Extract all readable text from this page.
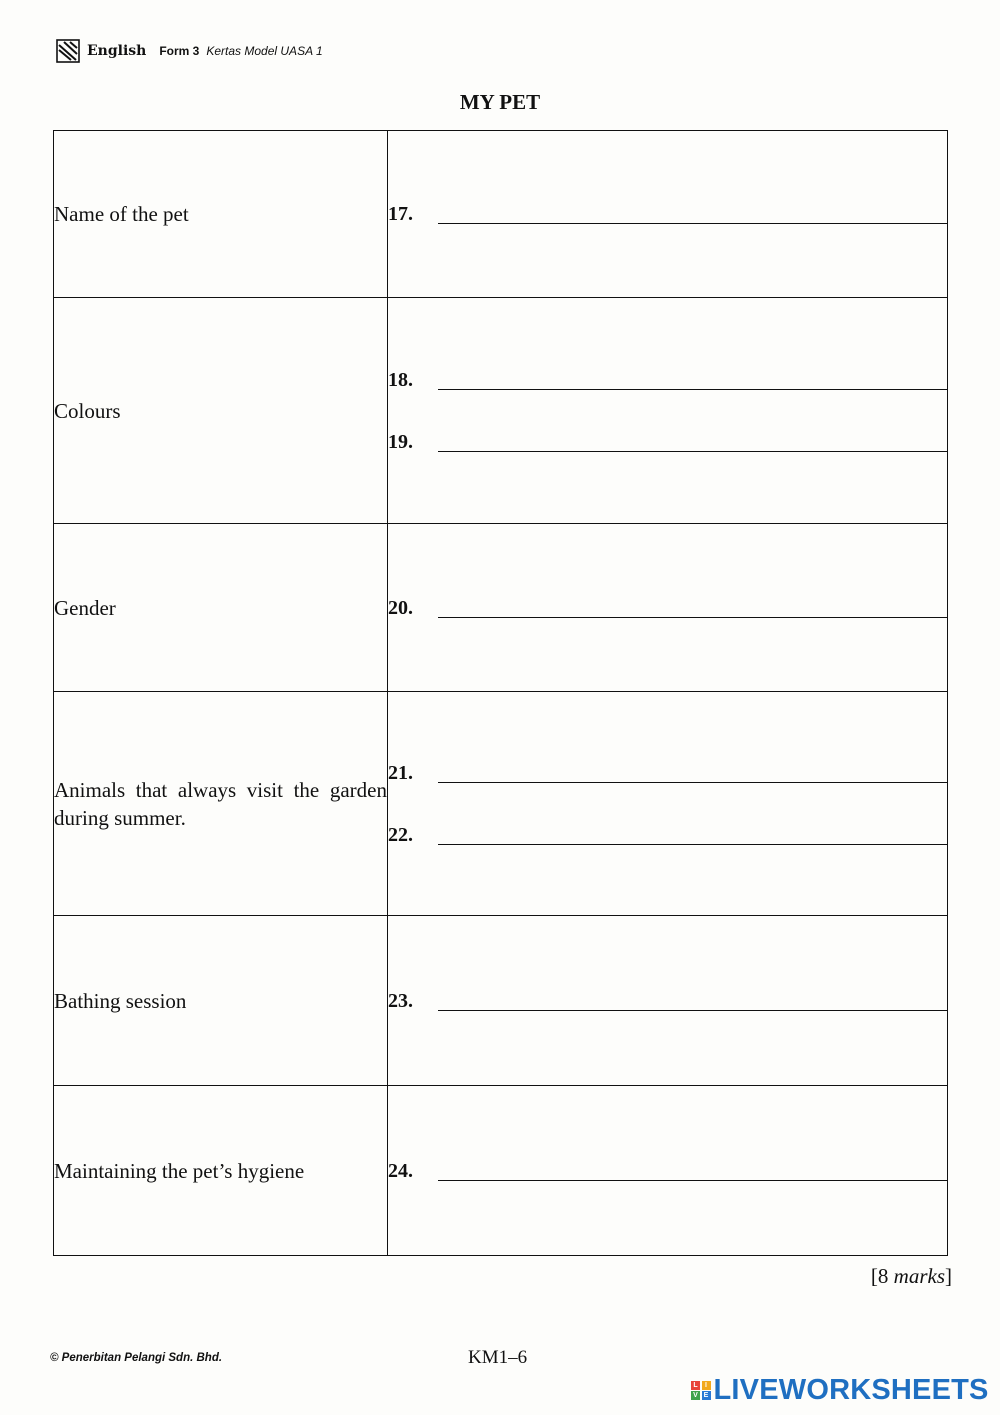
English Form 3 Kertas Model UASA 1
MY PET
Name of the pet	17.

Colours	18.
19.

Gender	20.

Animals that always visit the garden during summer.	21.
22.

Bathing session	23.

Maintaining the pet’s hygiene	24.
[8 marks]
© Penerbitan Pelangi Sdn. Bhd.	KM1–6
L	I
V E LIVEWORKSHEETS
